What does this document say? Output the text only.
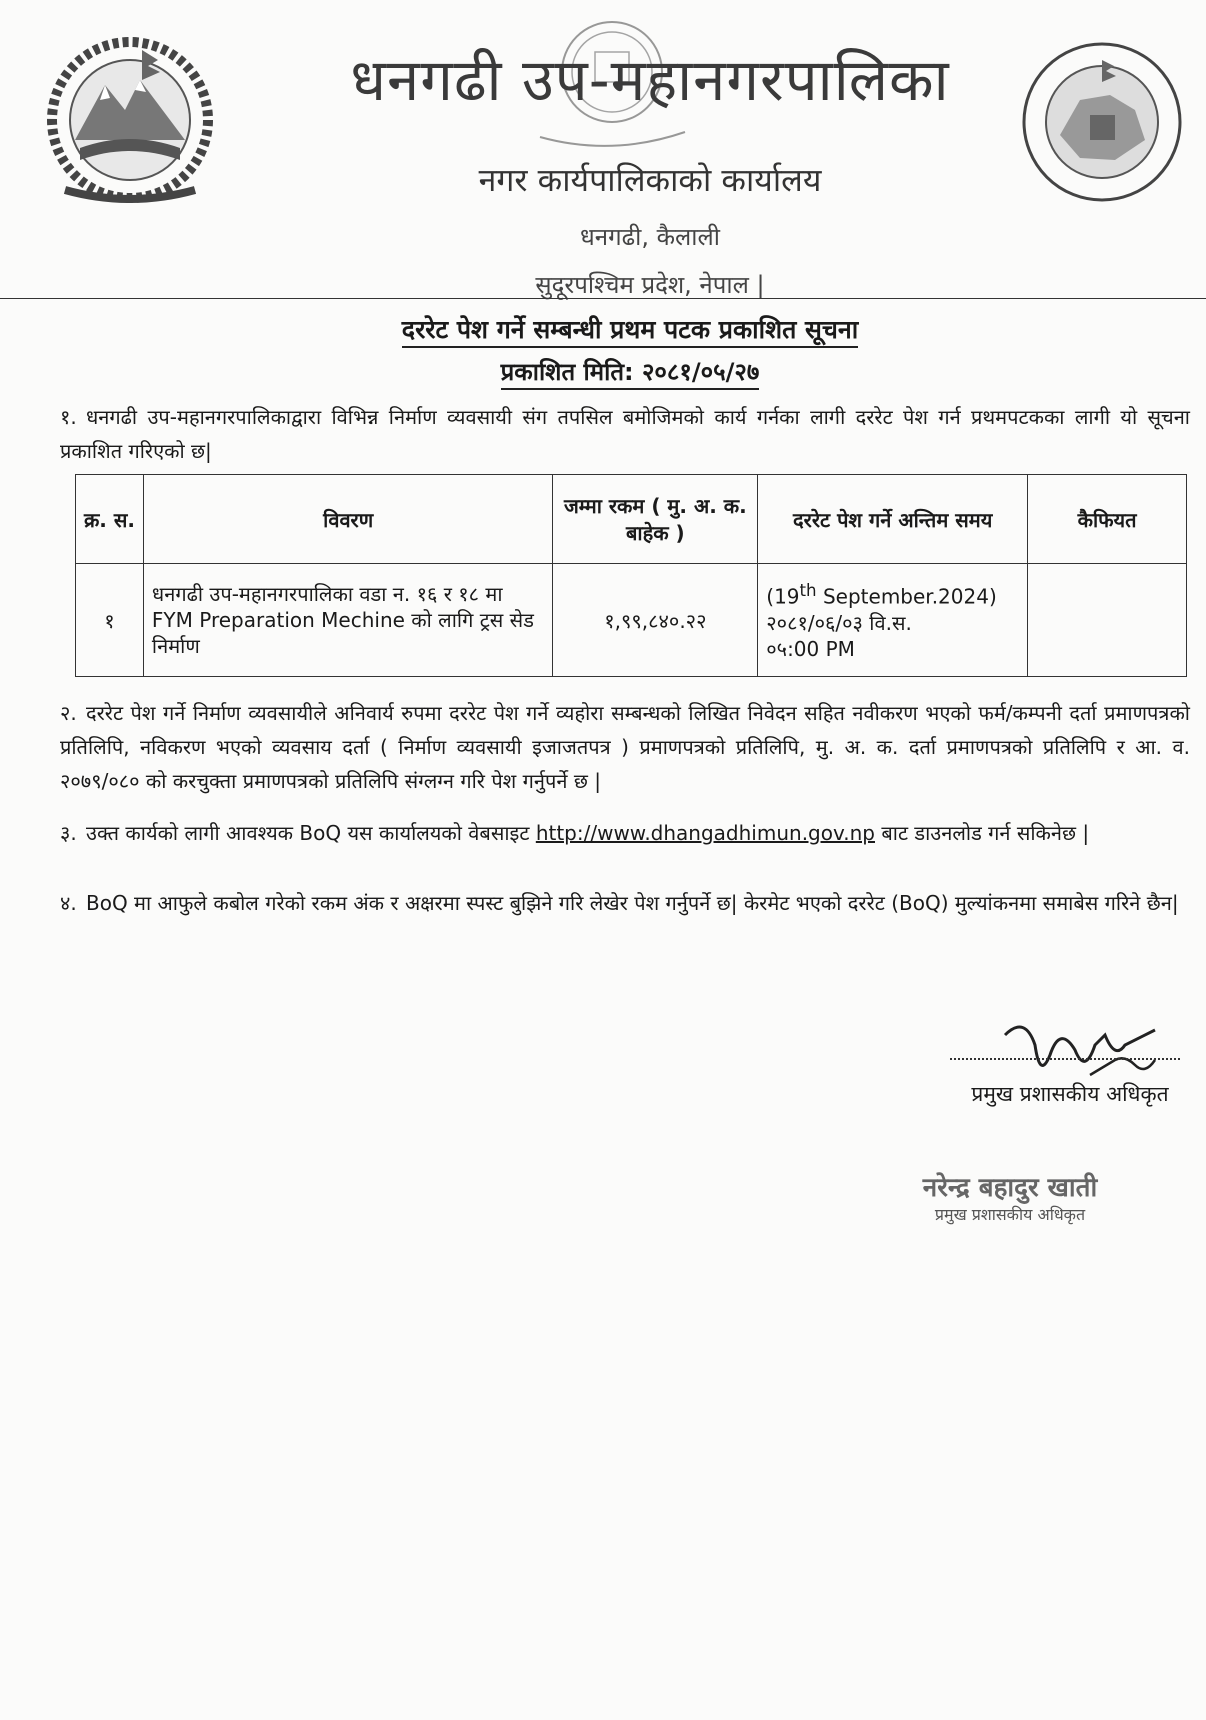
धनगढी उप-महानगरपालिका
नगर कार्यपालिकाको कार्यालय
धनगढी, कैलाली
सुदूरपश्चिम प्रदेश, नेपाल |
दररेट पेश गर्ने सम्बन्धी प्रथम पटक प्रकाशित सूचना
प्रकाशित मिति: २०८१/०५/२७
१. धनगढी उप-महानगरपालिकाद्वारा विभिन्न निर्माण व्यवसायी संग तपसिल बमोजिमको कार्य गर्नका लागी दररेट पेश गर्न प्रथमपटकका लागी यो सूचना प्रकाशित गरिएको छ|
क्र. स.	विवरण	जम्मा रकम ( मु. अ. क. बाहेक )	दररेट पेश गर्ने अन्तिम समय	कैफियत
१	धनगढी उप-महानगरपालिका वडा न. १६ र १८ मा FYM Preparation Mechine को लागि ट्रस सेड निर्माण	१,९९,८४०.२२	(19th September.2024)
२०८१/०६/०३ वि.स.
०५:00 PM	

२. दररेट पेश गर्ने निर्माण व्यवसायीले अनिवार्य रुपमा दररेट पेश गर्ने व्यहोरा सम्बन्धको लिखित निवेदन सहित नवीकरण भएको फर्म/कम्पनी दर्ता प्रमाणपत्रको प्रतिलिपि, नविकरण भएको व्यवसाय दर्ता ( निर्माण व्यवसायी इजाजतपत्र ) प्रमाणपत्रको प्रतिलिपि, मु. अ. क. दर्ता प्रमाणपत्रको प्रतिलिपि र आ. व. २०७९/०८० को करचुक्ता प्रमाणपत्रको प्रतिलिपि संग्लग्न गरि पेश गर्नुपर्ने छ |
३. उक्त कार्यको लागी आवश्यक BoQ यस कार्यालयको वेबसाइट http://www.dhangadhimun.gov.np बाट डाउनलोड गर्न सकिनेछ |
४. BoQ मा आफुले कबोल गरेको रकम अंक र अक्षरमा स्पस्ट बुझिने गरि लेखेर पेश गर्नुपर्ने छ| केरमेट भएको दररेट (BoQ) मुल्यांकनमा समाबेस गरिने छैन|
प्रमुख प्रशासकीय अधिकृत
नरेन्द्र बहादुर खाती
प्रमुख प्रशासकीय अधिकृत
